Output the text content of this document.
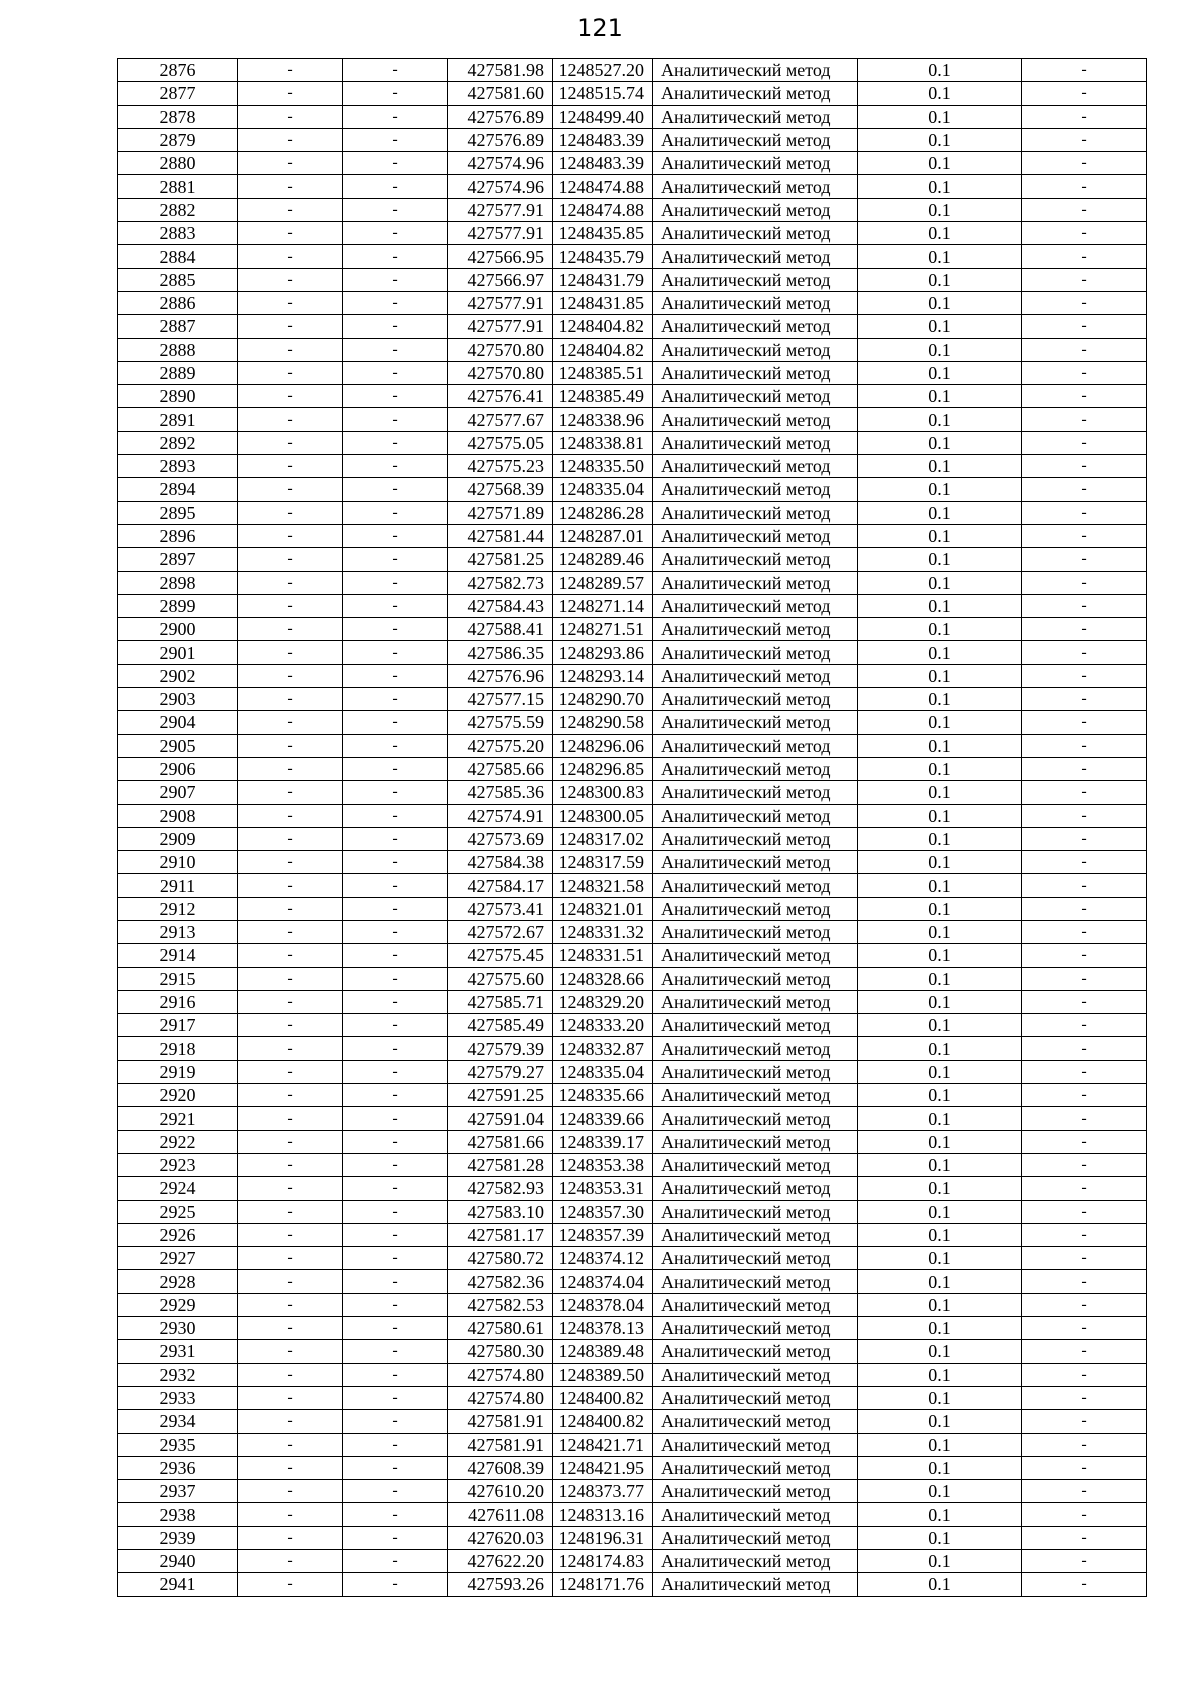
121
2876	-	-	427581.98	1248527.20	Аналитический метод	0.1	-
2877	-	-	427581.60	1248515.74	Аналитический метод	0.1	-
2878	-	-	427576.89	1248499.40	Аналитический метод	0.1	-
2879	-	-	427576.89	1248483.39	Аналитический метод	0.1	-
2880	-	-	427574.96	1248483.39	Аналитический метод	0.1	-
2881	-	-	427574.96	1248474.88	Аналитический метод	0.1	-
2882	-	-	427577.91	1248474.88	Аналитический метод	0.1	-
2883	-	-	427577.91	1248435.85	Аналитический метод	0.1	-
2884	-	-	427566.95	1248435.79	Аналитический метод	0.1	-
2885	-	-	427566.97	1248431.79	Аналитический метод	0.1	-
2886	-	-	427577.91	1248431.85	Аналитический метод	0.1	-
2887	-	-	427577.91	1248404.82	Аналитический метод	0.1	-
2888	-	-	427570.80	1248404.82	Аналитический метод	0.1	-
2889	-	-	427570.80	1248385.51	Аналитический метод	0.1	-
2890	-	-	427576.41	1248385.49	Аналитический метод	0.1	-
2891	-	-	427577.67	1248338.96	Аналитический метод	0.1	-
2892	-	-	427575.05	1248338.81	Аналитический метод	0.1	-
2893	-	-	427575.23	1248335.50	Аналитический метод	0.1	-
2894	-	-	427568.39	1248335.04	Аналитический метод	0.1	-
2895	-	-	427571.89	1248286.28	Аналитический метод	0.1	-
2896	-	-	427581.44	1248287.01	Аналитический метод	0.1	-
2897	-	-	427581.25	1248289.46	Аналитический метод	0.1	-
2898	-	-	427582.73	1248289.57	Аналитический метод	0.1	-
2899	-	-	427584.43	1248271.14	Аналитический метод	0.1	-
2900	-	-	427588.41	1248271.51	Аналитический метод	0.1	-
2901	-	-	427586.35	1248293.86	Аналитический метод	0.1	-
2902	-	-	427576.96	1248293.14	Аналитический метод	0.1	-
2903	-	-	427577.15	1248290.70	Аналитический метод	0.1	-
2904	-	-	427575.59	1248290.58	Аналитический метод	0.1	-
2905	-	-	427575.20	1248296.06	Аналитический метод	0.1	-
2906	-	-	427585.66	1248296.85	Аналитический метод	0.1	-
2907	-	-	427585.36	1248300.83	Аналитический метод	0.1	-
2908	-	-	427574.91	1248300.05	Аналитический метод	0.1	-
2909	-	-	427573.69	1248317.02	Аналитический метод	0.1	-
2910	-	-	427584.38	1248317.59	Аналитический метод	0.1	-
2911	-	-	427584.17	1248321.58	Аналитический метод	0.1	-
2912	-	-	427573.41	1248321.01	Аналитический метод	0.1	-
2913	-	-	427572.67	1248331.32	Аналитический метод	0.1	-
2914	-	-	427575.45	1248331.51	Аналитический метод	0.1	-
2915	-	-	427575.60	1248328.66	Аналитический метод	0.1	-
2916	-	-	427585.71	1248329.20	Аналитический метод	0.1	-
2917	-	-	427585.49	1248333.20	Аналитический метод	0.1	-
2918	-	-	427579.39	1248332.87	Аналитический метод	0.1	-
2919	-	-	427579.27	1248335.04	Аналитический метод	0.1	-
2920	-	-	427591.25	1248335.66	Аналитический метод	0.1	-
2921	-	-	427591.04	1248339.66	Аналитический метод	0.1	-
2922	-	-	427581.66	1248339.17	Аналитический метод	0.1	-
2923	-	-	427581.28	1248353.38	Аналитический метод	0.1	-
2924	-	-	427582.93	1248353.31	Аналитический метод	0.1	-
2925	-	-	427583.10	1248357.30	Аналитический метод	0.1	-
2926	-	-	427581.17	1248357.39	Аналитический метод	0.1	-
2927	-	-	427580.72	1248374.12	Аналитический метод	0.1	-
2928	-	-	427582.36	1248374.04	Аналитический метод	0.1	-
2929	-	-	427582.53	1248378.04	Аналитический метод	0.1	-
2930	-	-	427580.61	1248378.13	Аналитический метод	0.1	-
2931	-	-	427580.30	1248389.48	Аналитический метод	0.1	-
2932	-	-	427574.80	1248389.50	Аналитический метод	0.1	-
2933	-	-	427574.80	1248400.82	Аналитический метод	0.1	-
2934	-	-	427581.91	1248400.82	Аналитический метод	0.1	-
2935	-	-	427581.91	1248421.71	Аналитический метод	0.1	-
2936	-	-	427608.39	1248421.95	Аналитический метод	0.1	-
2937	-	-	427610.20	1248373.77	Аналитический метод	0.1	-
2938	-	-	427611.08	1248313.16	Аналитический метод	0.1	-
2939	-	-	427620.03	1248196.31	Аналитический метод	0.1	-
2940	-	-	427622.20	1248174.83	Аналитический метод	0.1	-
2941	-	-	427593.26	1248171.76	Аналитический метод	0.1	-
